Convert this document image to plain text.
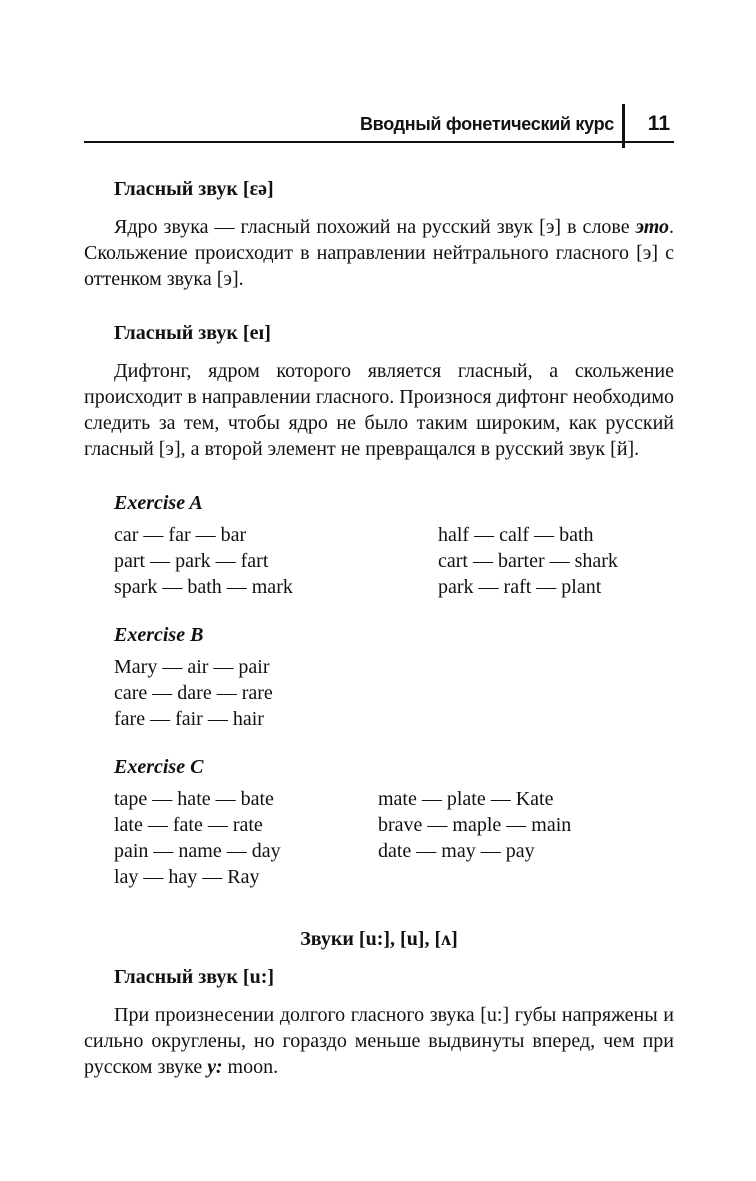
Вводный фонетический курс 11
Гласный звук [εə]

Ядро звука — гласный похожий на русский звук [э] в слове это. Скольжение происходит в направлении нейтрального гласного [э] с оттенком звука [э].

Гласный звук [eɪ]

Дифтонг, ядром которого является гласный, а скольжение происходит в направлении гласного. Произнося дифтонг необходимо следить за тем, чтобы ядро не было таким широким, как русский гласный [э], а второй элемент не превращался в русский звук [й].

Exercise A
car — far — bar
part — park — fart
spark — bath — mark
half — calf — bath
cart — barter — shark
park — raft — plant
Exercise B
Mary — air — pair
care — dare — rare
fare — fair — hair
Exercise C
tape — hate — bate
late — fate — rate
pain — name — day
lay — hay — Ray
mate — plate — Kate
brave — maple — main
date — may — pay
Звуки [u:], [u], [ʌ]
Гласный звук [u:]

При произнесении долгого гласного звука [u:] губы напряжены и сильно округлены, но гораздо меньше выдвинуты вперед, чем при русском звуке у: moon.
